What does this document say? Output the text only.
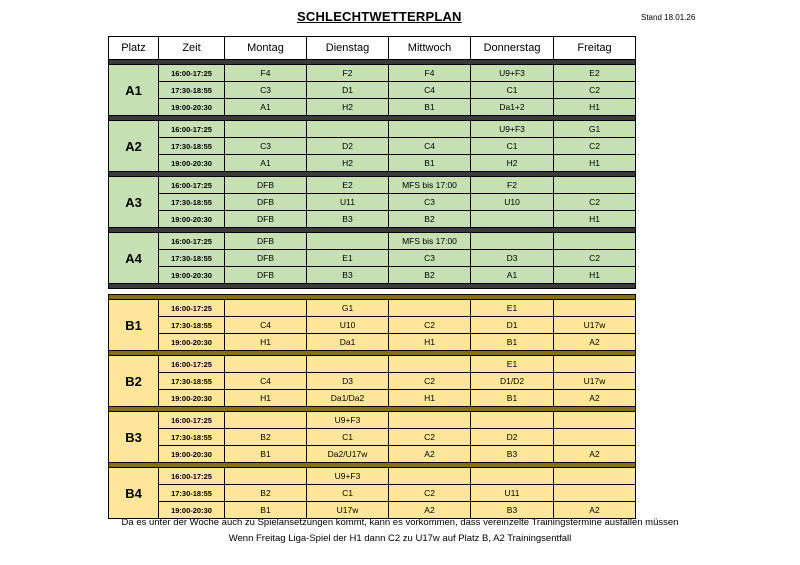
SCHLECHTWETTERPLAN	Stand 18.01.26
Platz	Zeit	Montag	Dienstag	Mittwoch	Donnerstag	Freitag

A1	16:00-17:25	F4	F2	F4	U9+F3	E2
	17:30-18:55	C3	D1	C4	C1	C2
	19:00-20:30	A1	H2	B1	Da1+2	H1

A2	16:00-17:25				U9+F3	G1
	17:30-18:55	C3	D2	C4	C1	C2
	19:00-20:30	A1	H2	B1	H2	H1

A3	16:00-17:25	DFB	E2	MFS bis 17:00	F2	
	17:30-18:55	DFB	U11	C3	U10	C2
	19:00-20:30	DFB	B3	B2		H1

A4	16:00-17:25	DFB		MFS bis 17:00		
	17:30-18:55	DFB	E1	C3	D3	C2
	19:00-20:30	DFB	B3	B2	A1	H1

B1	16:00-17:25		G1		E1	
	17:30-18:55	C4	U10	C2	D1	U17w
	19:00-20:30	H1	Da1	H1	B1	A2

B2	16:00-17:25				E1	
	17:30-18:55	C4	D3	C2	D1/D2	U17w
	19:00-20:30	H1	Da1/Da2	H1	B1	A2

B3	16:00-17:25		U9+F3			
	17:30-18:55	B2	C1	C2	D2	
	19:00-20:30	B1	Da2/U17w	A2	B3	A2

B4	16:00-17:25		U9+F3			
	17:30-18:55	B2	C1	C2	U11	
	19:00-20:30	B1	U17w	A2	B3	A2
Da es unter der Woche auch zu Spielansetzungen kommt, kann es vorkommen, dass vereinzelte Trainingstermine ausfallen müssen
Wenn Freitag Liga-Spiel der H1 dann C2 zu U17w auf Platz B, A2 Trainingsentfall
